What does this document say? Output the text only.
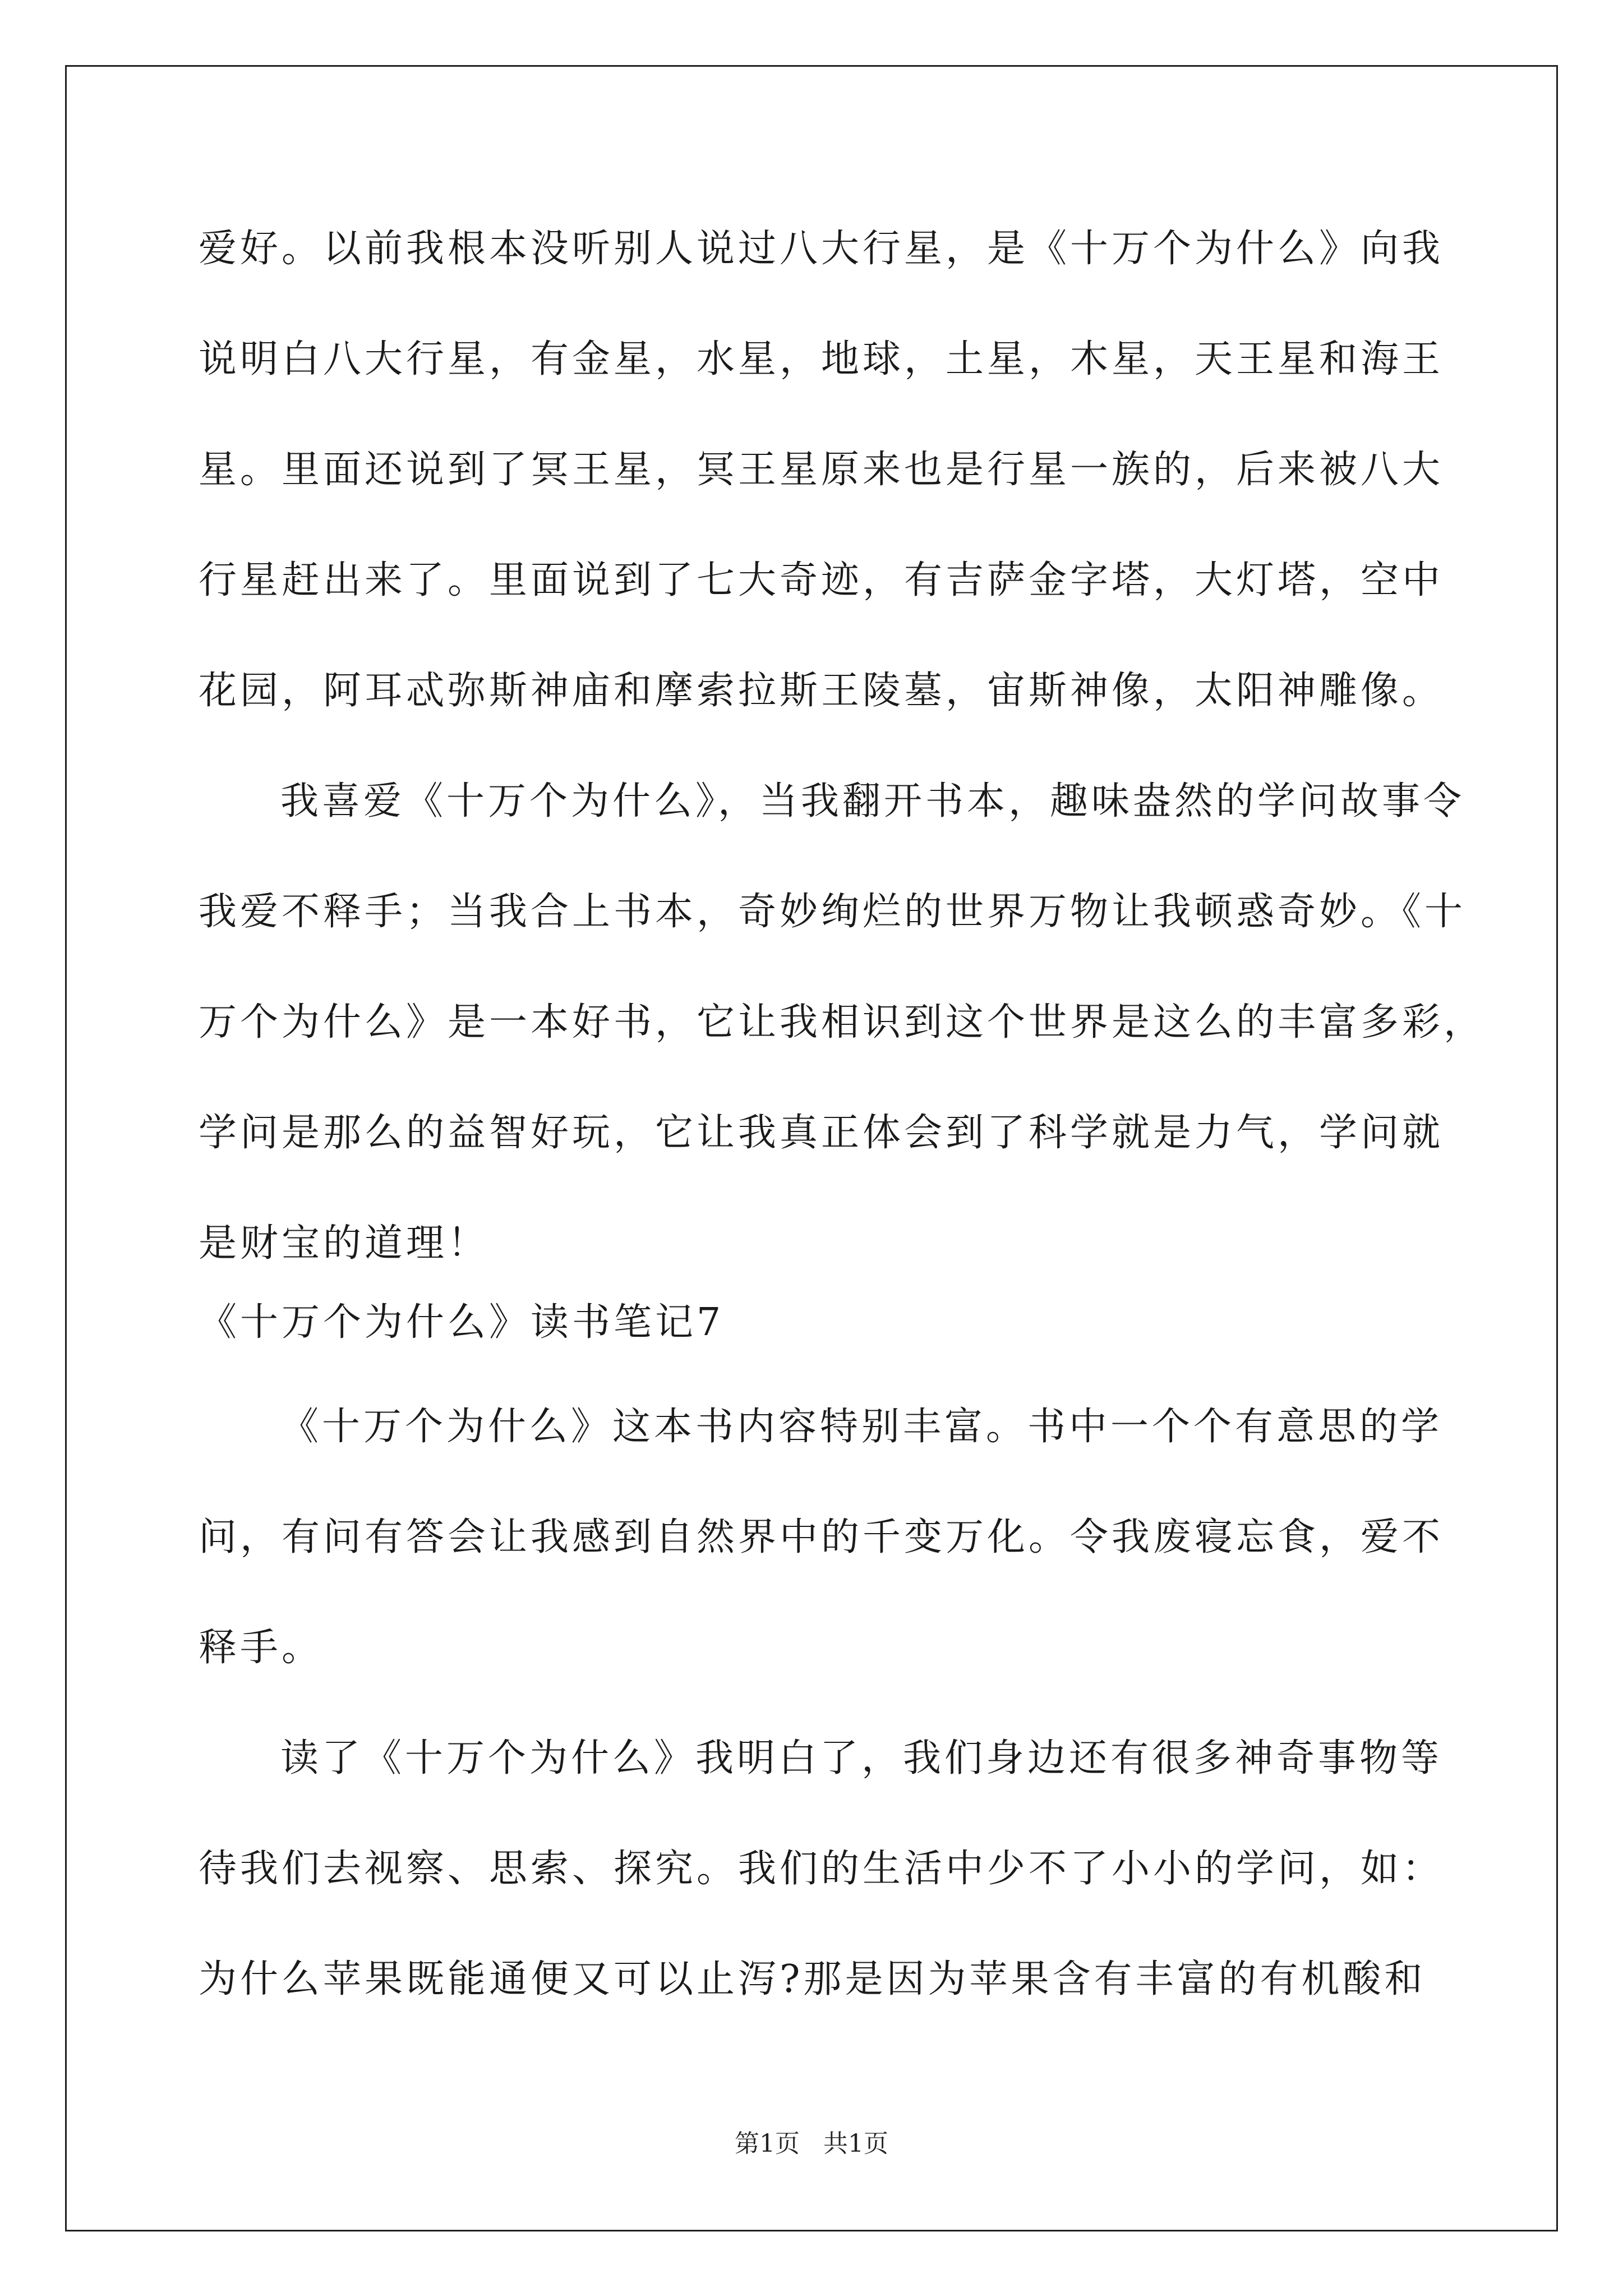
爱好。以前我根本没听别人说过八大行星，是《十万个为什么》向我
说明白八大行星，有金星，水星，地球，土星，木星，天王星和海王
星。里面还说到了冥王星，冥王星原来也是行星一族的，后来被八大
行星赶出来了。里面说到了七大奇迹，有吉萨金字塔，大灯塔，空中
花园，阿耳忒弥斯神庙和摩索拉斯王陵墓，宙斯神像，太阳神雕像。
我喜爱《十万个为什么》，当我翻开书本，趣味盎然的学问故事令
我爱不释手；当我合上书本，奇妙绚烂的世界万物让我顿惑奇妙。《十
万个为什么》是一本好书，它让我相识到这个世界是这么的丰富多彩，
学问是那么的益智好玩，它让我真正体会到了科学就是力气，学问就
是财宝的道理！
《十万个为什么》读书笔记7
《十万个为什么》这本书内容特别丰富。书中一个个有意思的学
问，有问有答会让我感到自然界中的千变万化。令我废寝忘食，爱不
释手。
读了《十万个为什么》我明白了，我们身边还有很多神奇事物等
待我们去视察、思索、探究。我们的生活中少不了小小的学问，如：
为什么苹果既能通便又可以止泻?那是因为苹果含有丰富的有机酸和
第1页   共1页
